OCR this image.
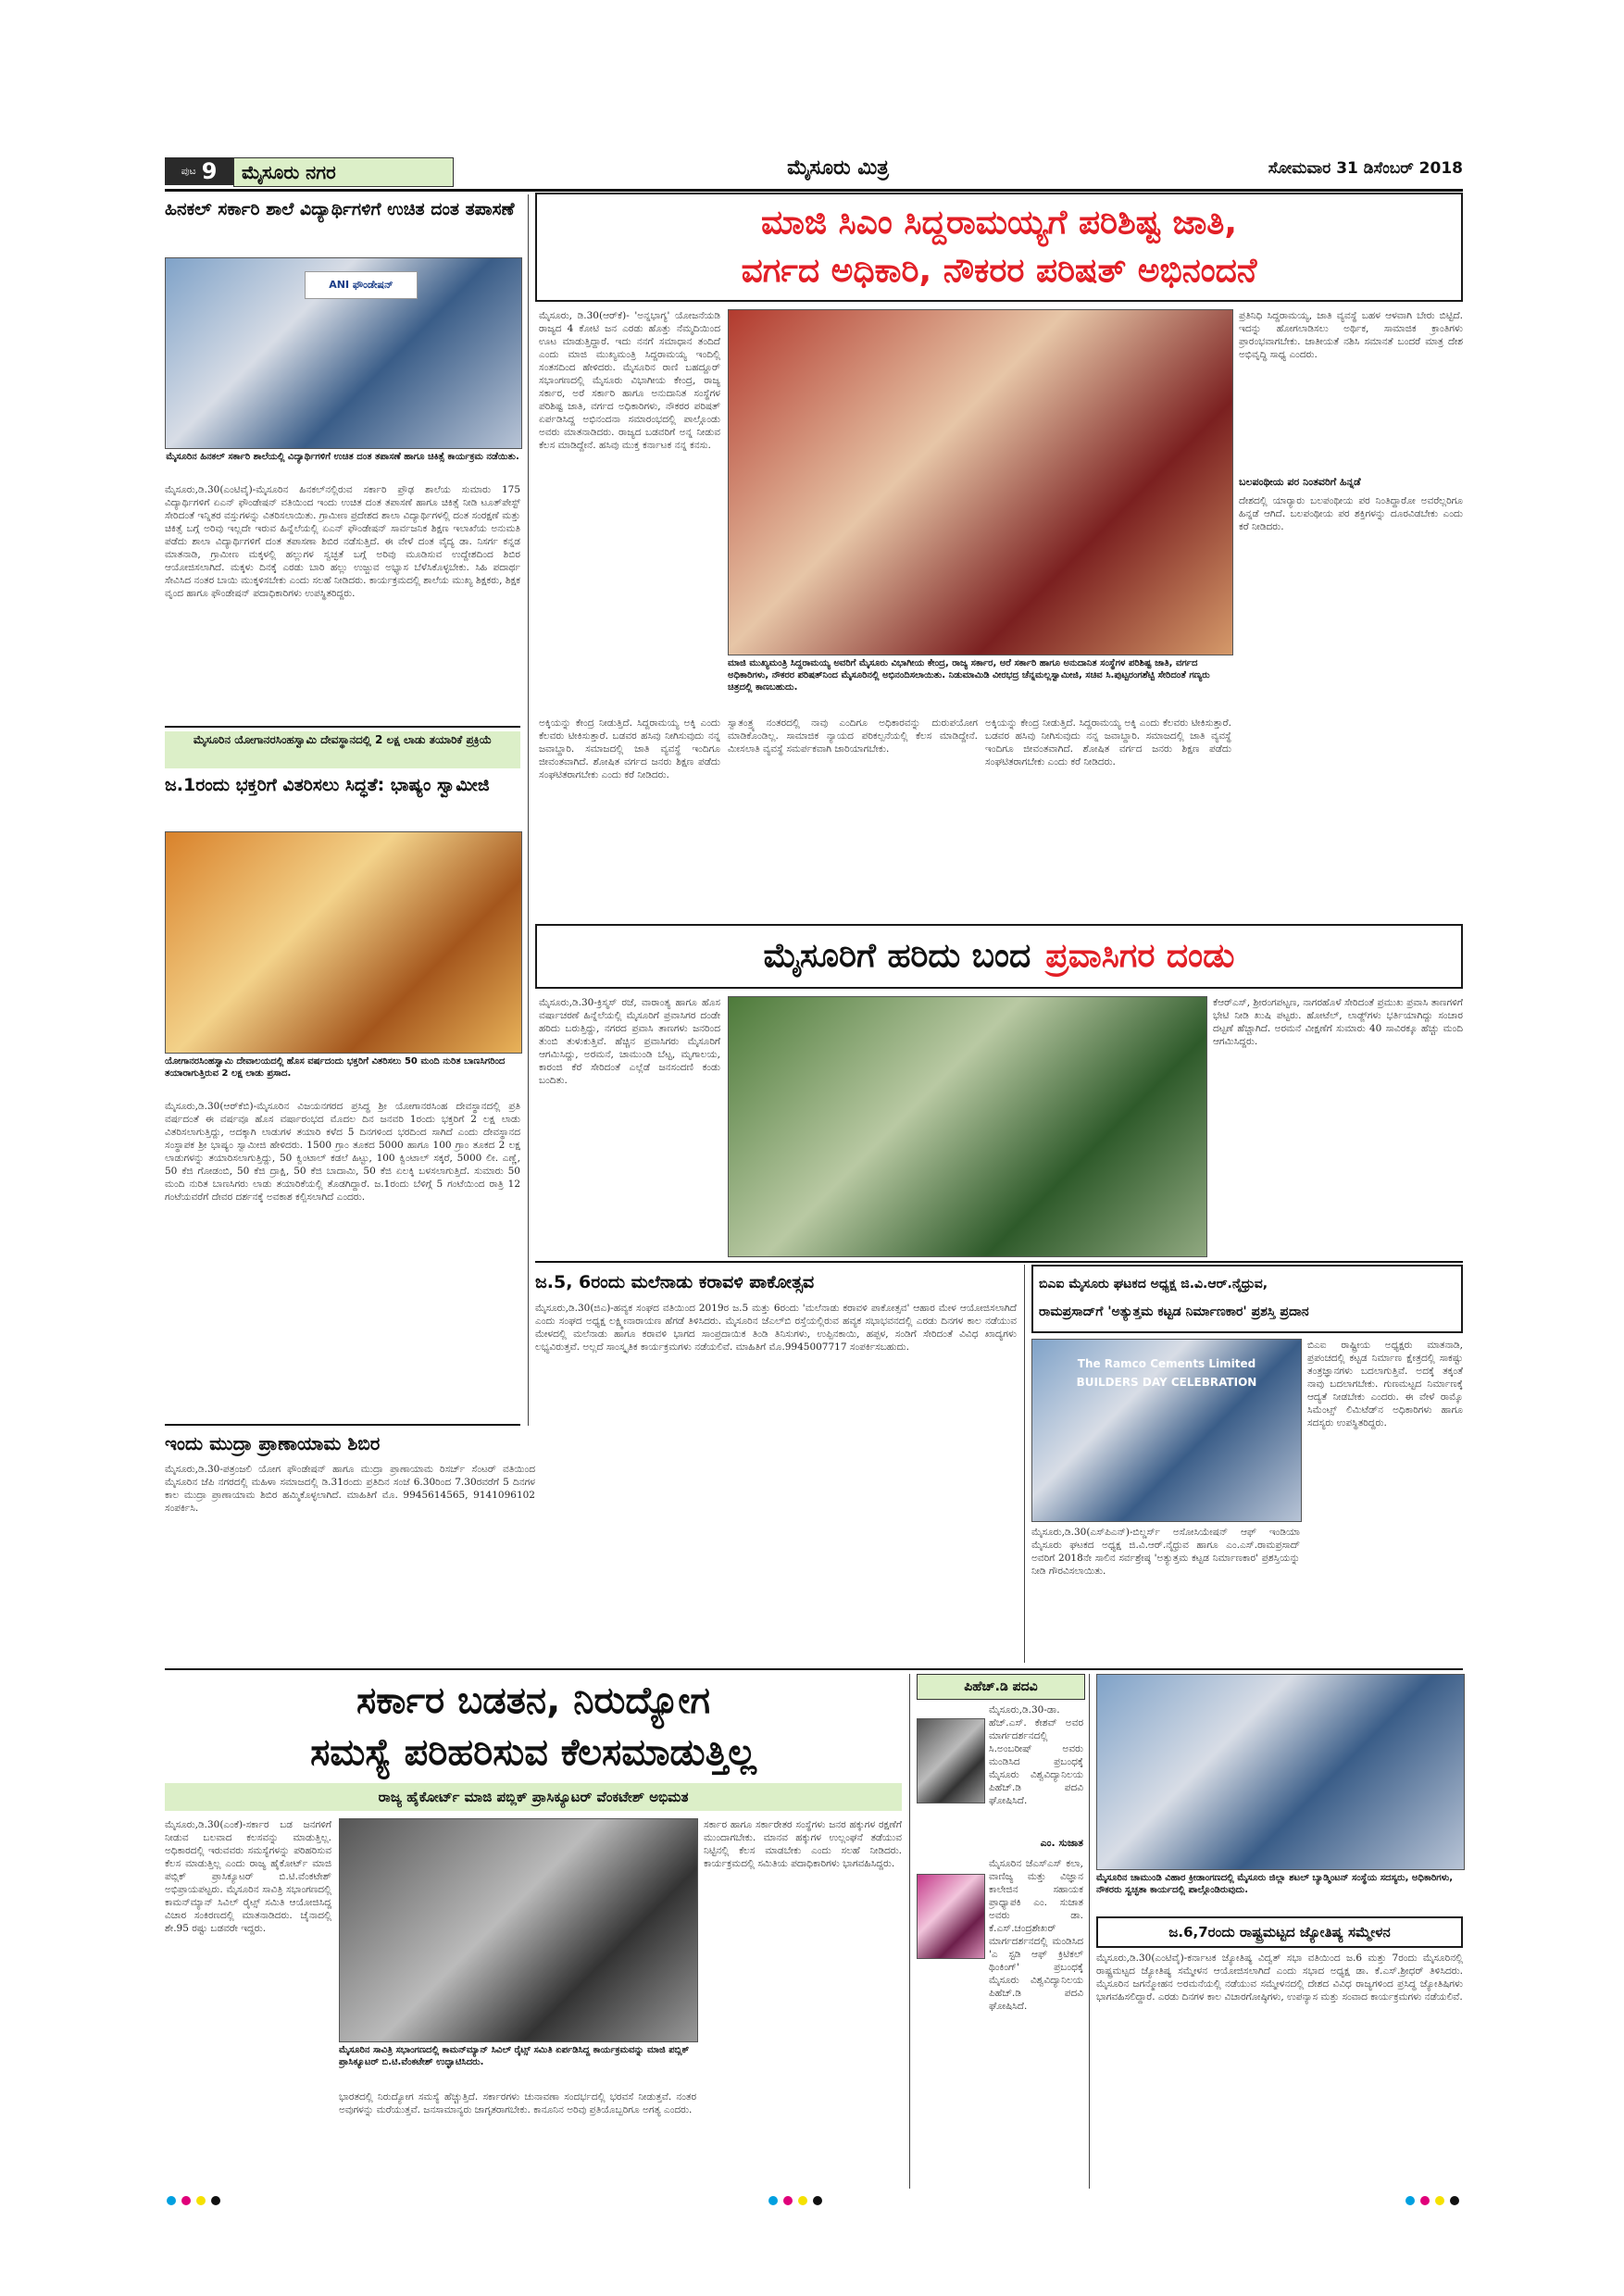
ಪುಟ 9 ಮೈಸೂರು ನಗರ	ಮೈಸೂರು ಮಿತ್ರ	ಸೋಮವಾರ 31 ಡಿಸೆಂಬರ್ 2018
ಹಿನಕಲ್ ಸರ್ಕಾರಿ ಶಾಲೆ ವಿದ್ಯಾರ್ಥಿಗಳಿಗೆ ಉಚಿತ ದಂತ ತಪಾಸಣೆ
ANI ಫೌಂಡೇಷನ್
ಮೈಸೂರಿನ ಹಿನಕಲ್ ಸರ್ಕಾರಿ ಶಾಲೆಯಲ್ಲಿ ವಿದ್ಯಾರ್ಥಿಗಳಿಗೆ ಉಚಿತ ದಂತ ತಪಾಸಣೆ ಹಾಗೂ ಚಿಕಿತ್ಸೆ ಕಾರ್ಯಕ್ರಮ ನಡೆಯಿತು.
ಮೈಸೂರು,ಡಿ.30(ಎಂಟಿವೈ)-ಮೈಸೂರಿನ ಹಿನಕಲ್‌ನಲ್ಲಿರುವ ಸರ್ಕಾರಿ ಪ್ರೌಢ ಶಾಲೆಯ ಸುಮಾರು 175 ವಿದ್ಯಾರ್ಥಿಗಳಿಗೆ ಏಎನ್ ಫೌಂಡೇಷನ್ ವತಿಯಿಂದ ಇಂದು ಉಚಿತ ದಂತ ತಪಾಸಣೆ ಹಾಗೂ ಚಿಕಿತ್ಸೆ ನೀಡಿ ಟೂತ್‌ಪೇಸ್ಟ್ ಸೇರಿದಂತೆ ಇನ್ನಿತರ ವಸ್ತುಗಳನ್ನು ವಿತರಿಸಲಾಯಿತು. ಗ್ರಾಮೀಣ ಪ್ರದೇಶದ ಶಾಲಾ ವಿದ್ಯಾರ್ಥಿಗಳಲ್ಲಿ ದಂತ ಸಂರಕ್ಷಣೆ ಮತ್ತು ಚಿಕಿತ್ಸೆ ಬಗ್ಗೆ ಅರಿವು ಇಲ್ಲದೇ ಇರುವ ಹಿನ್ನೆಲೆಯಲ್ಲಿ ಏಎನ್ ಫೌಂಡೇಷನ್ ಸಾರ್ವಜನಿಕ ಶಿಕ್ಷಣ ಇಲಾಖೆಯ ಅನುಮತಿ ಪಡೆದು ಶಾಲಾ ವಿದ್ಯಾರ್ಥಿಗಳಿಗೆ ದಂತ ತಪಾಸಣಾ ಶಿಬಿರ ನಡೆಸುತ್ತಿದೆ. ಈ ವೇಳೆ ದಂತ ವೈದ್ಯ ಡಾ. ನಿಸರ್ಗ ಕನ್ನಡ ಮಾತನಾಡಿ, ಗ್ರಾಮೀಣ ಮಕ್ಕಳಲ್ಲಿ ಹಲ್ಲುಗಳ ಸ್ವಚ್ಛತೆ ಬಗ್ಗೆ ಅರಿವು ಮೂಡಿಸುವ ಉದ್ದೇಶದಿಂದ ಶಿಬಿರ ಆಯೋಜಿಸಲಾಗಿದೆ. ಮಕ್ಕಳು ದಿನಕ್ಕೆ ಎರಡು ಬಾರಿ ಹಲ್ಲು ಉಜ್ಜುವ ಅಭ್ಯಾಸ ಬೆಳೆಸಿಕೊಳ್ಳಬೇಕು. ಸಿಹಿ ಪದಾರ್ಥ ಸೇವಿಸಿದ ನಂತರ ಬಾಯಿ ಮುಕ್ಕಳಿಸಬೇಕು ಎಂದು ಸಲಹೆ ನೀಡಿದರು. ಕಾರ್ಯಕ್ರಮದಲ್ಲಿ ಶಾಲೆಯ ಮುಖ್ಯ ಶಿಕ್ಷಕರು, ಶಿಕ್ಷಕ ವೃಂದ ಹಾಗೂ ಫೌಂಡೇಷನ್ ಪದಾಧಿಕಾರಿಗಳು ಉಪಸ್ಥಿತರಿದ್ದರು.
ಮೈಸೂರಿನ ಯೋಗಾನರಸಿಂಹಸ್ವಾಮಿ ದೇವಸ್ಥಾನದಲ್ಲಿ 2 ಲಕ್ಷ ಲಾಡು ತಯಾರಿಕೆ ಪ್ರಕ್ರಿಯೆ
ಜ.1ರಂದು ಭಕ್ತರಿಗೆ ವಿತರಿಸಲು ಸಿದ್ಧತೆ: ಭಾಷ್ಯಂ ಸ್ವಾಮೀಜಿ
ಯೋಗಾನರಸಿಂಹಸ್ವಾಮಿ ದೇವಾಲಯದಲ್ಲಿ ಹೊಸ ವರ್ಷದಂದು ಭಕ್ತರಿಗೆ ವಿತರಿಸಲು 50 ಮಂದಿ ನುರಿತ ಬಾಣಸಿಗರಿಂದ ತಯಾರಾಗುತ್ತಿರುವ 2 ಲಕ್ಷ ಲಾಡು ಪ್ರಸಾದ.
ಮೈಸೂರು,ಡಿ.30(ಆರ್‌ಕೆಬಿ)-ಮೈಸೂರಿನ ವಿಜಯನಗರದ ಪ್ರಸಿದ್ಧ ಶ್ರೀ ಯೋಗಾನರಸಿಂಹ ದೇವಸ್ಥಾನದಲ್ಲಿ ಪ್ರತಿ ವರ್ಷದಂತೆ ಈ ವರ್ಷವೂ ಹೊಸ ವರ್ಷಾರಂಭದ ಮೊದಲ ದಿನ ಜನವರಿ 1ರಂದು ಭಕ್ತರಿಗೆ 2 ಲಕ್ಷ ಲಾಡು ವಿತರಿಸಲಾಗುತ್ತಿದ್ದು, ಅದಕ್ಕಾಗಿ ಲಾಡುಗಳ ತಯಾರಿ ಕಳೆದ 5 ದಿನಗಳಿಂದ ಭರದಿಂದ ಸಾಗಿದೆ ಎಂದು ದೇವಸ್ಥಾನದ ಸಂಸ್ಥಾಪಕ ಶ್ರೀ ಭಾಷ್ಯಂ ಸ್ವಾಮೀಜಿ ಹೇಳಿದರು. 1500 ಗ್ರಾಂ ತೂಕದ 5000 ಹಾಗೂ 100 ಗ್ರಾಂ ತೂಕದ 2 ಲಕ್ಷ ಲಾಡುಗಳನ್ನು ತಯಾರಿಸಲಾಗುತ್ತಿದ್ದು, 50 ಕ್ವಿಂಟಾಲ್ ಕಡಲೆ ಹಿಟ್ಟು, 100 ಕ್ವಿಂಟಾಲ್ ಸಕ್ಕರೆ, 5000 ಲೀ. ಎಣ್ಣೆ, 50 ಕೆಜಿ ಗೋಡಂಬಿ, 50 ಕೆಜಿ ದ್ರಾಕ್ಷಿ, 50 ಕೆಜಿ ಬಾದಾಮಿ, 50 ಕೆಜಿ ಏಲಕ್ಕಿ ಬಳಸಲಾಗುತ್ತಿದೆ. ಸುಮಾರು 50 ಮಂದಿ ನುರಿತ ಬಾಣಸಿಗರು ಲಾಡು ತಯಾರಿಕೆಯಲ್ಲಿ ತೊಡಗಿದ್ದಾರೆ. ಜ.1ರಂದು ಬೆಳಿಗ್ಗೆ 5 ಗಂಟೆಯಿಂದ ರಾತ್ರಿ 12 ಗಂಟೆಯವರೆಗೆ ದೇವರ ದರ್ಶನಕ್ಕೆ ಅವಕಾಶ ಕಲ್ಪಿಸಲಾಗಿದೆ ಎಂದರು.
ಇಂದು ಮುದ್ರಾ ಪ್ರಾಣಾಯಾಮ ಶಿಬಿರ
ಮೈಸೂರು,ಡಿ.30-ಪತ್ರಂಜಲಿ ಯೋಗ ಫೌಂಡೇಷನ್ ಹಾಗೂ ಮುದ್ರಾ ಪ್ರಾಣಾಯಾಮ ರಿಸರ್ಚ್ ಸೆಂಟರ್ ವತಿಯಿಂದ ಮೈಸೂರಿನ ಜೆಪಿ ನಗರದಲ್ಲಿ ಮಹಿಳಾ ಸಮಾಜದಲ್ಲಿ ಡಿ.31ರಂದು ಪ್ರತಿದಿನ ಸಂಜೆ 6.30ರಿಂದ 7.30ರವರೆಗೆ 5 ದಿನಗಳ ಕಾಲ ಮುದ್ರಾ ಪ್ರಾಣಾಯಾಮ ಶಿಬಿರ ಹಮ್ಮಿಕೊಳ್ಳಲಾಗಿದೆ. ಮಾಹಿತಿಗೆ ಮೊ. 9945614565, 9141096102 ಸಂಪರ್ಕಿಸಿ.
ಮಾಜಿ ಸಿಎಂ ಸಿದ್ದರಾಮಯ್ಯಗೆ ಪರಿಶಿಷ್ಟ ಜಾತಿ,
ವರ್ಗದ ಅಧಿಕಾರಿ, ನೌಕರರ ಪರಿಷತ್ ಅಭಿನಂದನೆ
ಮೈಸೂರು, ಡಿ.30(ಆರ್‌ಕೆ)- 'ಅನ್ನಭಾಗ್ಯ' ಯೋಜನೆಯಡಿ ರಾಜ್ಯದ 4 ಕೋಟಿ ಜನ ಎರಡು ಹೊತ್ತು ನೆಮ್ಮದಿಯಿಂದ ಊಟ ಮಾಡುತ್ತಿದ್ದಾರೆ. ಇದು ನನಗೆ ಸಮಾಧಾನ ತಂದಿದೆ ಎಂದು ಮಾಜಿ ಮುಖ್ಯಮಂತ್ರಿ ಸಿದ್ದರಾಮಯ್ಯ ಇಂದಿಲ್ಲಿ ಸಂತಸದಿಂದ ಹೇಳಿದರು. ಮೈಸೂರಿನ ರಾಣಿ ಬಹದ್ದೂರ್ ಸಭಾಂಗಣದಲ್ಲಿ ಮೈಸೂರು ವಿಭಾಗೀಯ ಕೇಂದ್ರ, ರಾಜ್ಯ ಸರ್ಕಾರ, ಅರೆ ಸರ್ಕಾರಿ ಹಾಗೂ ಅನುದಾನಿತ ಸಂಸ್ಥೆಗಳ ಪರಿಶಿಷ್ಟ ಜಾತಿ, ವರ್ಗದ ಅಧಿಕಾರಿಗಳು, ನೌಕರರ ಪರಿಷತ್ ಏರ್ಪಡಿಸಿದ್ದ ಅಭಿನಂದನಾ ಸಮಾರಂಭದಲ್ಲಿ ಪಾಲ್ಗೊಂಡು ಅವರು ಮಾತನಾಡಿದರು. ರಾಜ್ಯದ ಬಡವರಿಗೆ ಅನ್ನ ನೀಡುವ ಕೆಲಸ ಮಾಡಿದ್ದೇನೆ. ಹಸಿವು ಮುಕ್ತ ಕರ್ನಾಟಕ ನನ್ನ ಕನಸು.
ಮಾಜಿ ಮುಖ್ಯಮಂತ್ರಿ ಸಿದ್ದರಾಮಯ್ಯ ಅವರಿಗೆ ಮೈಸೂರು ವಿಭಾಗೀಯ ಕೇಂದ್ರ, ರಾಜ್ಯ ಸರ್ಕಾರ, ಅರೆ ಸರ್ಕಾರಿ ಹಾಗೂ ಅನುದಾನಿತ ಸಂಸ್ಥೆಗಳ ಪರಿಶಿಷ್ಟ ಜಾತಿ, ವರ್ಗದ ಅಧಿಕಾರಿಗಳು, ನೌಕರರ ಪರಿಷತ್‌ನಿಂದ ಮೈಸೂರಿನಲ್ಲಿ ಅಭಿನಂದಿಸಲಾಯಿತು. ನಿಡುಮಾಮಿಡಿ ವೀರಭದ್ರ ಚೆನ್ನಮಲ್ಲಸ್ವಾಮೀಜಿ, ಸಚಿವ ಸಿ.ಪುಟ್ಟರಂಗಶೆಟ್ಟಿ ಸೇರಿದಂತೆ ಗಣ್ಯರು ಚಿತ್ರದಲ್ಲಿ ಕಾಣಬಹುದು.
ಪ್ರತಿನಿಧಿ ಸಿದ್ದರಾಮಯ್ಯ, ಜಾತಿ ವ್ಯವಸ್ಥೆ ಬಹಳ ಆಳವಾಗಿ ಬೇರು ಬಿಟ್ಟಿದೆ. ಇದನ್ನು ಹೋಗಲಾಡಿಸಲು ಅರ್ಥಿಕ, ಸಾಮಾಜಿಕ ಕ್ರಾಂತಿಗಳು ಪ್ರಾರಂಭವಾಗಬೇಕು. ಜಾತೀಯತೆ ನಶಿಸಿ ಸಮಾನತೆ ಬಂದರೆ ಮಾತ್ರ ದೇಶ ಅಭಿವೃದ್ಧಿ ಸಾಧ್ಯ ಎಂದರು.
ಬಲಪಂಥೀಯ ಪರ ನಿಂತವರಿಗೆ ಹಿನ್ನಡೆ
ದೇಶದಲ್ಲಿ ಯಾರ್‍ಯಾರು ಬಲಪಂಥೀಯ ಪರ ನಿಂತಿದ್ದಾರೋ ಅವರೆಲ್ಲರಿಗೂ ಹಿನ್ನಡೆ ಆಗಿದೆ. ಬಲಪಂಥೀಯ ಪರ ಶಕ್ತಿಗಳನ್ನು ದೂರವಿಡಬೇಕು ಎಂದು ಕರೆ ನೀಡಿದರು.
ಅಕ್ಕಿಯನ್ನು ಕೇಂದ್ರ ನೀಡುತ್ತಿದೆ. ಸಿದ್ದರಾಮಯ್ಯ ಅಕ್ಕಿ ಎಂದು ಕೆಲವರು ಟೀಕಿಸುತ್ತಾರೆ. ಬಡವರ ಹಸಿವು ನೀಗಿಸುವುದು ನನ್ನ ಜವಾಬ್ದಾರಿ. ಸಮಾಜದಲ್ಲಿ ಜಾತಿ ವ್ಯವಸ್ಥೆ ಇಂದಿಗೂ ಜೀವಂತವಾಗಿದೆ. ಶೋಷಿತ ವರ್ಗದ ಜನರು ಶಿಕ್ಷಣ ಪಡೆದು ಸಂಘಟಿತರಾಗಬೇಕು ಎಂದು ಕರೆ ನೀಡಿದರು.
ಸ್ವಾತಂತ್ರ್ಯ ನಂತರದಲ್ಲಿ ನಾವು ಎಂದಿಗೂ ಅಧಿಕಾರವನ್ನು ದುರುಪಯೋಗ ಮಾಡಿಕೊಂಡಿಲ್ಲ. ಸಾಮಾಜಿಕ ನ್ಯಾಯದ ಪರಿಕಲ್ಪನೆಯಲ್ಲಿ ಕೆಲಸ ಮಾಡಿದ್ದೇನೆ. ಮೀಸಲಾತಿ ವ್ಯವಸ್ಥೆ ಸಮರ್ಪಕವಾಗಿ ಜಾರಿಯಾಗಬೇಕು.
ಅಕ್ಕಿಯನ್ನು ಕೇಂದ್ರ ನೀಡುತ್ತಿದೆ. ಸಿದ್ದರಾಮಯ್ಯ ಅಕ್ಕಿ ಎಂದು ಕೆಲವರು ಟೀಕಿಸುತ್ತಾರೆ. ಬಡವರ ಹಸಿವು ನೀಗಿಸುವುದು ನನ್ನ ಜವಾಬ್ದಾರಿ. ಸಮಾಜದಲ್ಲಿ ಜಾತಿ ವ್ಯವಸ್ಥೆ ಇಂದಿಗೂ ಜೀವಂತವಾಗಿದೆ. ಶೋಷಿತ ವರ್ಗದ ಜನರು ಶಿಕ್ಷಣ ಪಡೆದು ಸಂಘಟಿತರಾಗಬೇಕು ಎಂದು ಕರೆ ನೀಡಿದರು.
ಮೈಸೂರಿಗೆ ಹರಿದು ಬಂದ ಪ್ರವಾಸಿಗರ ದಂಡು
ಮೈಸೂರು,ಡಿ.30-ಕ್ರಿಸ್ಮಸ್ ರಜೆ, ವಾರಾಂತ್ಯ ಹಾಗೂ ಹೊಸ ವರ್ಷಾಚರಣೆ ಹಿನ್ನೆಲೆಯಲ್ಲಿ ಮೈಸೂರಿಗೆ ಪ್ರವಾಸಿಗರ ದಂಡೇ ಹರಿದು ಬರುತ್ತಿದ್ದು, ನಗರದ ಪ್ರವಾಸಿ ತಾಣಗಳು ಜನರಿಂದ ತುಂಬಿ ತುಳುಕುತ್ತಿವೆ. ಹೆಚ್ಚಿನ ಪ್ರವಾಸಿಗರು ಮೈಸೂರಿಗೆ ಆಗಮಿಸಿದ್ದು, ಅರಮನೆ, ಚಾಮುಂಡಿ ಬೆಟ್ಟ, ಮೃಗಾಲಯ, ಕಾರಂಜಿ ಕೆರೆ ಸೇರಿದಂತೆ ಎಲ್ಲೆಡೆ ಜನಸಂದಣಿ ಕಂಡು ಬಂದಿತು.
ಕೆಆರ್‌ಎಸ್, ಶ್ರೀರಂಗಪಟ್ಟಣ, ನಾಗರಹೊಳೆ ಸೇರಿದಂತೆ ಪ್ರಮುಖ ಪ್ರವಾಸಿ ತಾಣಗಳಿಗೆ ಭೇಟಿ ನೀಡಿ ಖುಷಿ ಪಟ್ಟರು. ಹೋಟೆಲ್, ಲಾಡ್ಜ್‌ಗಳು ಭರ್ತಿಯಾಗಿದ್ದು ಸಂಚಾರ ದಟ್ಟಣೆ ಹೆಚ್ಚಾಗಿದೆ. ಅರಮನೆ ವೀಕ್ಷಣೆಗೆ ಸುಮಾರು 40 ಸಾವಿರಕ್ಕೂ ಹೆಚ್ಚು ಮಂದಿ ಆಗಮಿಸಿದ್ದರು.
ಜ.5, 6ರಂದು ಮಲೆನಾಡು ಕರಾವಳಿ ಪಾಕೋತ್ಸವ
ಮೈಸೂರು,ಡಿ.30(ಜಿಎ)-ಹವ್ಯಕ ಸಂಘದ ವತಿಯಿಂದ 2019ರ ಜ.5 ಮತ್ತು 6ರಂದು 'ಮಲೆನಾಡು ಕರಾವಳಿ ಪಾಕೋತ್ಸವ' ಆಹಾರ ಮೇಳ ಆಯೋಜಿಸಲಾಗಿದೆ ಎಂದು ಸಂಘದ ಅಧ್ಯಕ್ಷ ಲಕ್ಷ್ಮೀನಾರಾಯಣ ಹೆಗಡೆ ತಿಳಿಸಿದರು. ಮೈಸೂರಿನ ಜೆಎಲ್‌ಬಿ ರಸ್ತೆಯಲ್ಲಿರುವ ಹವ್ಯಕ ಸಭಾಭವನದಲ್ಲಿ ಎರಡು ದಿನಗಳ ಕಾಲ ನಡೆಯುವ ಮೇಳದಲ್ಲಿ ಮಲೆನಾಡು ಹಾಗೂ ಕರಾವಳಿ ಭಾಗದ ಸಾಂಪ್ರದಾಯಿಕ ತಿಂಡಿ ತಿನಿಸುಗಳು, ಉಪ್ಪಿನಕಾಯಿ, ಹಪ್ಪಳ, ಸಂಡಿಗೆ ಸೇರಿದಂತೆ ವಿವಿಧ ಖಾದ್ಯಗಳು ಲಭ್ಯವಿರುತ್ತವೆ. ಅಲ್ಲದೆ ಸಾಂಸ್ಕೃತಿಕ ಕಾರ್ಯಕ್ರಮಗಳು ನಡೆಯಲಿವೆ. ಮಾಹಿತಿಗೆ ಮೊ.9945007717 ಸಂಪರ್ಕಿಸಬಹುದು.
ಬಿಎಐ ಮೈಸೂರು ಘಟಕದ ಅಧ್ಯಕ್ಷ ಜಿ.ವಿ.ಆರ್.ನೈಧ್ರುವ,
ರಾಮಪ್ರಸಾದ್‌ಗೆ 'ಅತ್ಯುತ್ತಮ ಕಟ್ಟಡ ನಿರ್ಮಾಣಕಾರ' ಪ್ರಶಸ್ತಿ ಪ್ರದಾನ
The Ramco Cements Limited BUILDERS DAY CELEBRATION
ಬಿಎಐ ರಾಷ್ಟ್ರೀಯ ಅಧ್ಯಕ್ಷರು ಮಾತನಾಡಿ, ಪ್ರಪಂಚದಲ್ಲಿ ಕಟ್ಟಡ ನಿರ್ಮಾಣ ಕ್ಷೇತ್ರದಲ್ಲಿ ಸಾಕಷ್ಟು ತಂತ್ರಜ್ಞಾನಗಳು ಬದಲಾಗುತ್ತಿವೆ. ಅದಕ್ಕೆ ತಕ್ಕಂತೆ ನಾವು ಬದಲಾಗಬೇಕು. ಗುಣಮಟ್ಟದ ನಿರ್ಮಾಣಕ್ಕೆ ಆದ್ಯತೆ ನೀಡಬೇಕು ಎಂದರು. ಈ ವೇಳೆ ರಾಮ್ಕೊ ಸಿಮೆಂಟ್ಸ್ ಲಿಮಿಟೆಡ್‌ನ ಅಧಿಕಾರಿಗಳು ಹಾಗೂ ಸದಸ್ಯರು ಉಪಸ್ಥಿತರಿದ್ದರು.
ಮೈಸೂರು,ಡಿ.30(ಎಸ್‌ಪಿಎನ್)-ಬಿಲ್ಡರ್ಸ್ ಅಸೋಸಿಯೇಷನ್ ಆಫ್ ಇಂಡಿಯಾ ಮೈಸೂರು ಘಟಕದ ಅಧ್ಯಕ್ಷ ಜಿ.ವಿ.ಆರ್.ನೈಧ್ರುವ ಹಾಗೂ ಎಂ.ಎಸ್.ರಾಮಪ್ರಸಾದ್ ಅವರಿಗೆ 2018ನೇ ಸಾಲಿನ ಸರ್ವಶ್ರೇಷ್ಠ 'ಅತ್ಯುತ್ತಮ ಕಟ್ಟಡ ನಿರ್ಮಾಣಕಾರ' ಪ್ರಶಸ್ತಿಯನ್ನು ನೀಡಿ ಗೌರವಿಸಲಾಯಿತು.
ಸರ್ಕಾರ ಬಡತನ, ನಿರುದ್ಯೋಗ
ಸಮಸ್ಯೆ ಪರಿಹರಿಸುವ ಕೆಲಸಮಾಡುತ್ತಿಲ್ಲ
ರಾಜ್ಯ ಹೈಕೋರ್ಟ್ ಮಾಜಿ ಪಬ್ಲಿಕ್ ಪ್ರಾಸಿಕ್ಯೂಟರ್ ವೆಂಕಟೇಶ್ ಅಭಿಮತ
ಮೈಸೂರು,ಡಿ.30(ಎಂಕೆ)-ಸರ್ಕಾರ ಬಡ ಜನಗಳಿಗೆ ನೀಡುವ ಬಲವಾದ ಕಲಸವನ್ನು ಮಾಡುತ್ತಿಲ್ಲ. ಅಧಿಕಾರದಲ್ಲಿ ಇರುವವರು ಸಮಸ್ಯೆಗಳನ್ನು ಪರಿಹರಿಸುವ ಕೆಲಸ ಮಾಡುತ್ತಿಲ್ಲ ಎಂದು ರಾಜ್ಯ ಹೈಕೋರ್ಟ್ ಮಾಜಿ ಪಬ್ಲಿಕ್ ಪ್ರಾಸಿಕ್ಯೂಟರ್ ಬಿ.ಟಿ.ವೆಂಕಟೇಶ್ ಅಭಿಪ್ರಾಯಪಟ್ಟರು. ಮೈಸೂರಿನ ಸಾವಿತ್ರಿ ಸಭಾಂಗಣದಲ್ಲಿ ಕಾಮನ್‌ಮ್ಯಾನ್ ಸಿವಿಲ್ ರೈಟ್ಸ್ ಸಮಿತಿ ಆಯೋಜಿಸಿದ್ದ ವಿಚಾರ ಸಂಕಿರಣದಲ್ಲಿ ಮಾತನಾಡಿದರು. ಚೈನಾದಲ್ಲಿ ಶೇ.95 ರಷ್ಟು ಬಡವರೇ ಇದ್ದರು.
ಮೈಸೂರಿನ ಸಾವಿತ್ರಿ ಸಭಾಂಗಣದಲ್ಲಿ ಕಾಮನ್‌ಮ್ಯಾನ್ ಸಿವಿಲ್ ರೈಟ್ಸ್ ಸಮಿತಿ ಏರ್ಪಡಿಸಿದ್ದ ಕಾರ್ಯಕ್ರಮವನ್ನು ಮಾಜಿ ಪಬ್ಲಿಕ್ ಪ್ರಾಸಿಕ್ಯೂಟರ್ ಬಿ.ಟಿ.ವೆಂಕಟೇಶ್ ಉದ್ಘಾಟಿಸಿದರು.
ಭಾರತದಲ್ಲಿ ನಿರುದ್ಯೋಗ ಸಮಸ್ಯೆ ಹೆಚ್ಚುತ್ತಿದೆ. ಸರ್ಕಾರಗಳು ಚುನಾವಣಾ ಸಂದರ್ಭದಲ್ಲಿ ಭರವಸೆ ನೀಡುತ್ತವೆ. ನಂತರ ಅವುಗಳನ್ನು ಮರೆಯುತ್ತವೆ. ಜನಸಾಮಾನ್ಯರು ಜಾಗೃತರಾಗಬೇಕು. ಕಾನೂನಿನ ಅರಿವು ಪ್ರತಿಯೊಬ್ಬರಿಗೂ ಅಗತ್ಯ ಎಂದರು.
ಸರ್ಕಾರ ಹಾಗೂ ಸರ್ಕಾರೇತರ ಸಂಸ್ಥೆಗಳು ಜನರ ಹಕ್ಕುಗಳ ರಕ್ಷಣೆಗೆ ಮುಂದಾಗಬೇಕು. ಮಾನವ ಹಕ್ಕುಗಳ ಉಲ್ಲಂಘನೆ ತಡೆಯುವ ನಿಟ್ಟಿನಲ್ಲಿ ಕೆಲಸ ಮಾಡಬೇಕು ಎಂದು ಸಲಹೆ ನೀಡಿದರು. ಕಾರ್ಯಕ್ರಮದಲ್ಲಿ ಸಮಿತಿಯ ಪದಾಧಿಕಾರಿಗಳು ಭಾಗವಹಿಸಿದ್ದರು.
ಪಿಹೆಚ್.ಡಿ ಪದವಿ
ಮೈಸೂರು,ಡಿ.30-ಡಾ. ಹೆಚ್.ಎಸ್. ಕೇಶವ್ ಅವರ ಮಾರ್ಗದರ್ಶನದಲ್ಲಿ ಸಿ.ಅಂಬರೀಷ್ ಅವರು ಮಂಡಿಸಿದ ಪ್ರಬಂಧಕ್ಕೆ ಮೈಸೂರು ವಿಶ್ವವಿದ್ಯಾನಿಲಯ ಪಿಹೆಚ್.ಡಿ ಪದವಿ ಘೋಷಿಸಿದೆ.
ಎಂ. ಸುಜಾತ
ಮೈಸೂರಿನ ಜೆಎಸ್‌ಎಸ್ ಕಲಾ, ವಾಣಿಜ್ಯ ಮತ್ತು ವಿಜ್ಞಾನ ಕಾಲೇಜಿನ ಸಹಾಯಕ ಪ್ರಾಧ್ಯಾಪಕಿ ಎಂ. ಸುಜಾತ ಅವರು ಡಾ. ಕೆ.ಎಸ್.ಚಂದ್ರಶೇಖರ್ ಮಾರ್ಗದರ್ಶನದಲ್ಲಿ ಮಂಡಿಸಿದ 'ಎ ಸ್ಟಡಿ ಆಫ್ ಕ್ರಿಟಿಕಲ್ ಥಿಂಕಿಂಗ್' ಪ್ರಬಂಧಕ್ಕೆ ಮೈಸೂರು ವಿಶ್ವವಿದ್ಯಾನಿಲಯ ಪಿಹೆಚ್.ಡಿ ಪದವಿ ಘೋಷಿಸಿದೆ.
ಮೈಸೂರಿನ ಚಾಮುಂಡಿ ವಿಹಾರ ಕ್ರೀಡಾಂಗಣದಲ್ಲಿ ಮೈಸೂರು ಜಿಲ್ಲಾ ಶಟಲ್ ಬ್ಯಾಡ್ಮಿಂಟನ್ ಸಂಸ್ಥೆಯ ಸದಸ್ಯರು, ಅಧಿಕಾರಿಗಳು, ನೌಕರರು ಸ್ವಚ್ಛತಾ ಕಾರ್ಯದಲ್ಲಿ ಪಾಲ್ಗೊಂಡಿರುವುದು.
ಜ.6,7ರಂದು ರಾಷ್ಟ್ರಮಟ್ಟದ ಜ್ಯೋತಿಷ್ಯ ಸಮ್ಮೇಳನ
ಮೈಸೂರು,ಡಿ.30(ಎಂಟಿವೈ)-ಕರ್ನಾಟಕ ಜ್ಯೋತಿಷ್ಯ ವಿದ್ವತ್ ಸಭಾ ವತಿಯಿಂದ ಜ.6 ಮತ್ತು 7ರಂದು ಮೈಸೂರಿನಲ್ಲಿ ರಾಷ್ಟ್ರಮಟ್ಟದ ಜ್ಯೋತಿಷ್ಯ ಸಮ್ಮೇಳನ ಆಯೋಜಿಸಲಾಗಿದೆ ಎಂದು ಸಭಾದ ಅಧ್ಯಕ್ಷ ಡಾ. ಕೆ.ಎಸ್.ಶ್ರೀಧರ್ ತಿಳಿಸಿದರು. ಮೈಸೂರಿನ ಜಗನ್ಮೋಹನ ಅರಮನೆಯಲ್ಲಿ ನಡೆಯುವ ಸಮ್ಮೇಳನದಲ್ಲಿ ದೇಶದ ವಿವಿಧ ರಾಜ್ಯಗಳಿಂದ ಪ್ರಸಿದ್ಧ ಜ್ಯೋತಿಷಿಗಳು ಭಾಗವಹಿಸಲಿದ್ದಾರೆ. ಎರಡು ದಿನಗಳ ಕಾಲ ವಿಚಾರಗೋಷ್ಠಿಗಳು, ಉಪನ್ಯಾಸ ಮತ್ತು ಸಂವಾದ ಕಾರ್ಯಕ್ರಮಗಳು ನಡೆಯಲಿವೆ.
